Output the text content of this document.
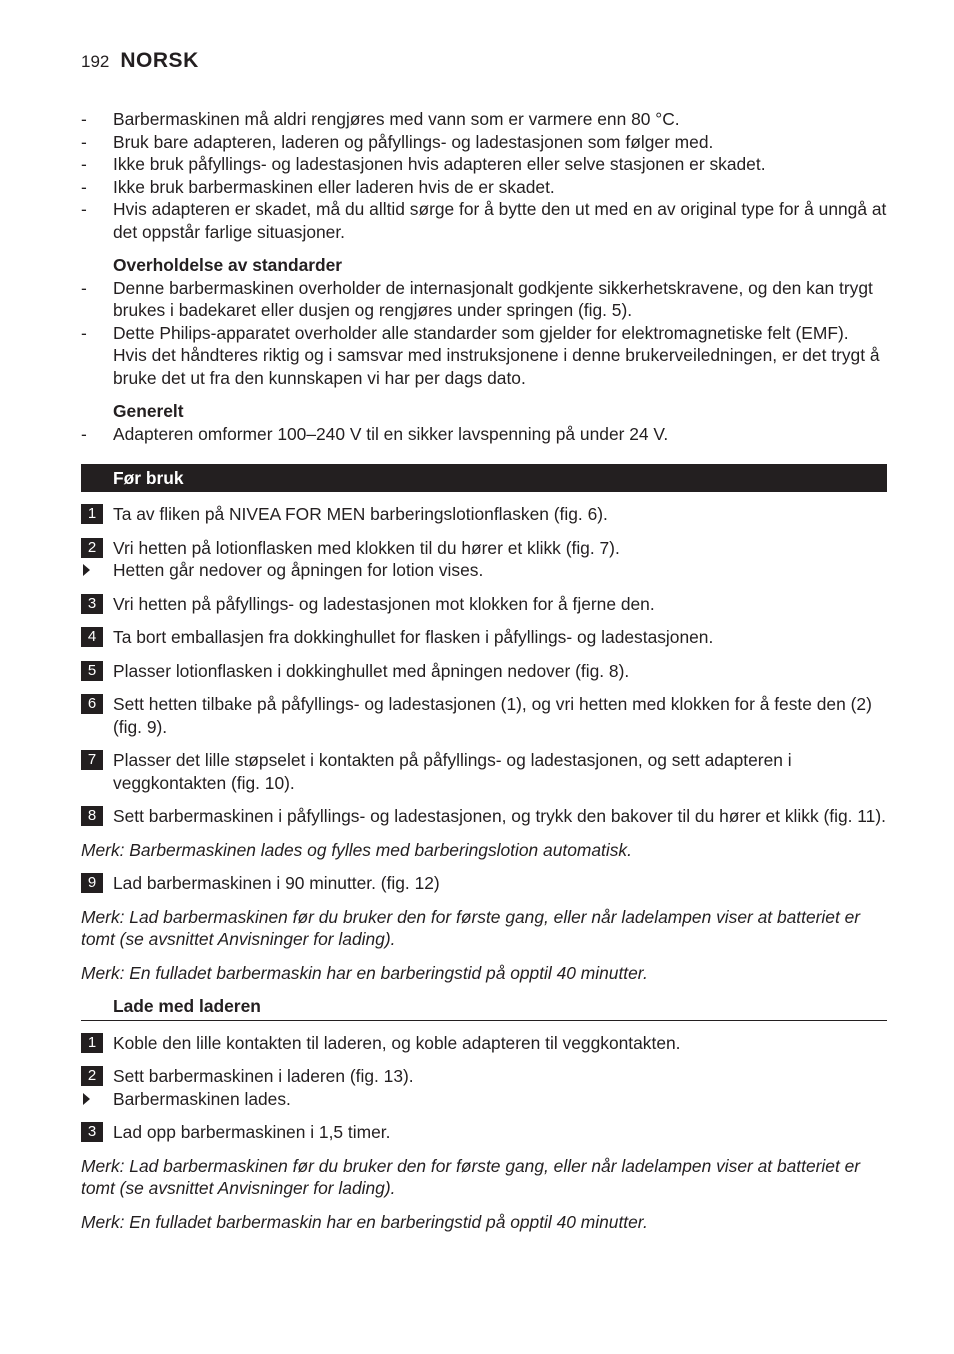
192 NORSK
- Barbermaskinen må aldri rengjøres med vann som er varmere enn 80 °C.
- Bruk bare adapteren, laderen og påfyllings- og ladestasjonen som følger med.
- Ikke bruk påfyllings- og ladestasjonen hvis adapteren eller selve stasjonen er skadet.
- Ikke bruk barbermaskinen eller laderen hvis de er skadet.
- Hvis adapteren er skadet, må du alltid sørge for å bytte den ut med en av original type for å unngå at det oppstår farlige situasjoner.
Overholdelse av standarder
- Denne barbermaskinen overholder de internasjonalt godkjente sikkerhetskravene, og den kan trygt brukes i badekaret eller dusjen og rengjøres under springen (fig. 5).
- Dette Philips-apparatet overholder alle standarder som gjelder for elektromagnetiske felt (EMF). Hvis det håndteres riktig og i samsvar med instruksjonene i denne brukerveiledningen, er det trygt å bruke det ut fra den kunnskapen vi har per dags dato.
Generelt
- Adapteren omformer 100–240 V til en sikker lavspenning på under 24 V.
Før bruk
1 Ta av fliken på NIVEA FOR MEN barberingslotionflasken (fig. 6).
2 Vri hetten på lotionflasken med klokken til du hører et klikk (fig. 7).
Hetten går nedover og åpningen for lotion vises.
3 Vri hetten på påfyllings- og ladestasjonen mot klokken for å fjerne den.
4 Ta bort emballasjen fra dokkinghullet for flasken i påfyllings- og ladestasjonen.
5 Plasser lotionflasken i dokkinghullet med åpningen nedover (fig. 8).
6 Sett hetten tilbake på påfyllings- og ladestasjonen (1), og vri hetten med klokken for å feste den (2) (fig. 9).
7 Plasser det lille støpselet i kontakten på påfyllings- og ladestasjonen, og sett adapteren i veggkontakten (fig. 10).
8 Sett barbermaskinen i påfyllings- og ladestasjonen, og trykk den bakover til du hører et klikk (fig. 11).
Merk: Barbermaskinen lades og fylles med barberingslotion automatisk.
9 Lad barbermaskinen i 90 minutter. (fig. 12)
Merk: Lad barbermaskinen før du bruker den for første gang, eller når ladelampen viser at batteriet er tomt (se avsnittet Anvisninger for lading).
Merk: En fulladet barbermaskin har en barberingstid på opptil 40 minutter.
Lade med laderen
1 Koble den lille kontakten til laderen, og koble adapteren til veggkontakten.
2 Sett barbermaskinen i laderen (fig. 13).
Barbermaskinen lades.
3 Lad opp barbermaskinen i 1,5 timer.
Merk: Lad barbermaskinen før du bruker den for første gang, eller når ladelampen viser at batteriet er tomt (se avsnittet Anvisninger for lading).
Merk: En fulladet barbermaskin har en barberingstid på opptil 40 minutter.
